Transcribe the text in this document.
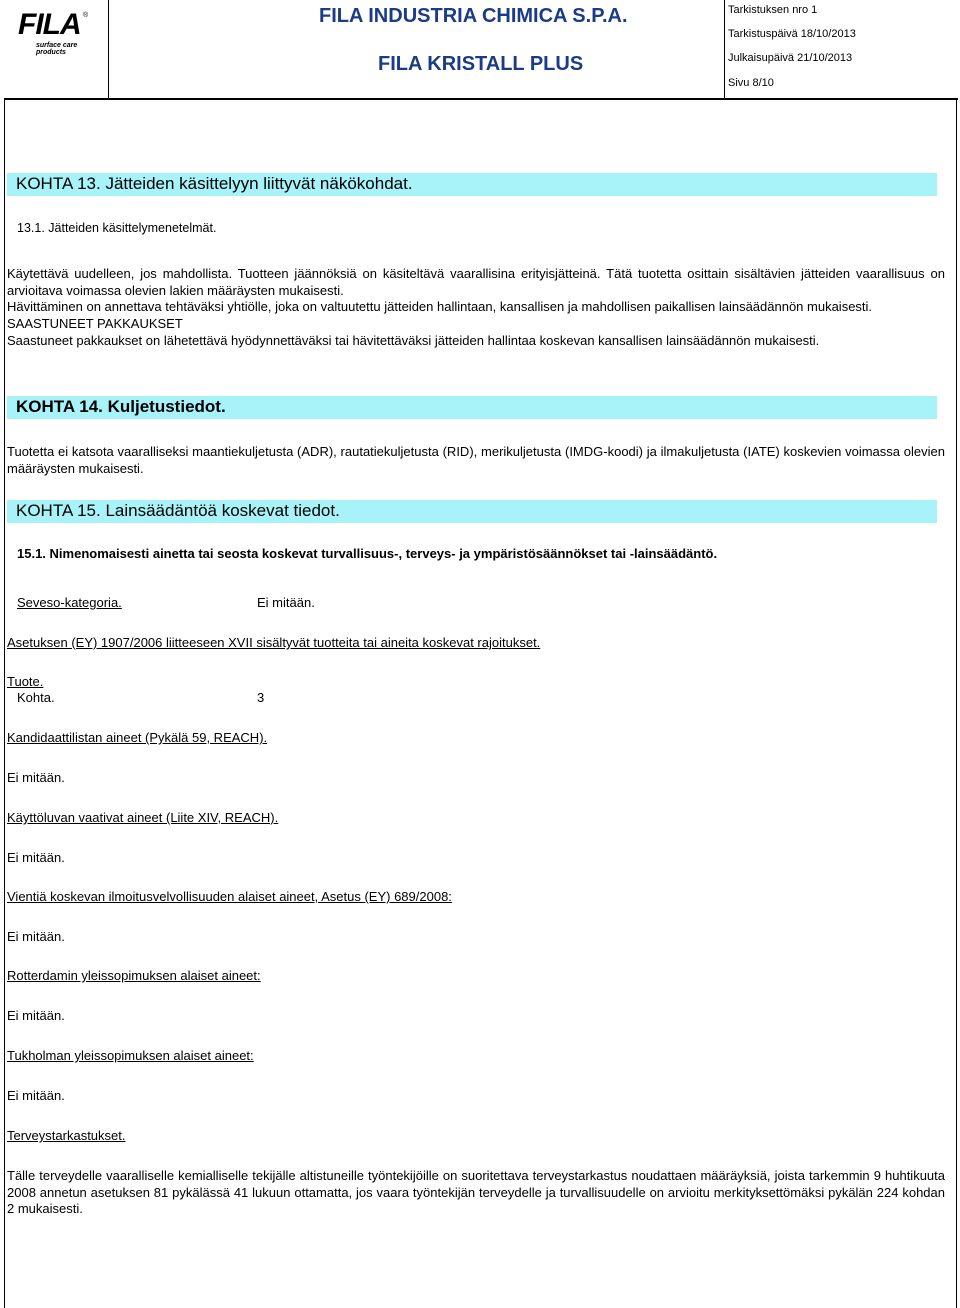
FILA ®
surface care products
FILA INDUSTRIA CHIMICA S.P.A.
FILA KRISTALL PLUS
Tarkistuksen nro 1
Tarkistuspäivä 18/10/2013
Julkaisupäivä 21/10/2013
Sivu 8/10
KOHTA 13. Jätteiden käsittelyyn liittyvät näkökohdat.
13.1. Jätteiden käsittelymenetelmät.
Käytettävä uudelleen, jos mahdollista. Tuotteen jäännöksiä on käsiteltävä vaarallisina erityisjätteinä. Tätä tuotetta osittain sisältävien jätteiden vaarallisuus on arvioitava voimassa olevien lakien määräysten mukaisesti.
Hävittäminen on annettava tehtäväksi yhtiölle, joka on valtuutettu jätteiden hallintaan, kansallisen ja mahdollisen paikallisen lainsäädännön mukaisesti.
SAASTUNEET PAKKAUKSET
Saastuneet pakkaukset on lähetettävä hyödynnettäväksi tai hävitettäväksi jätteiden hallintaa koskevan kansallisen lainsäädännön mukaisesti.
KOHTA 14. Kuljetustiedot.
Tuotetta ei katsota vaaralliseksi maantiekuljetusta (ADR), rautatiekuljetusta (RID), merikuljetusta (IMDG-koodi) ja ilmakuljetusta (IATE) koskevien voimassa olevien määräysten mukaisesti.
KOHTA 15. Lainsäädäntöä koskevat tiedot.
15.1. Nimenomaisesti ainetta tai seosta koskevat turvallisuus-, terveys- ja ympäristösäännökset tai -lainsäädäntö.
Seveso-kategoria.	Ei mitään.
Asetuksen (EY) 1907/2006 liitteeseen XVII sisältyvät tuotteita tai aineita koskevat rajoitukset.
Tuote.
Kohta.	3
Kandidaattilistan aineet (Pykälä 59, REACH).
Ei mitään.
Käyttöluvan vaativat aineet (Liite XIV, REACH).
Ei mitään.
Vientiä koskevan ilmoitusvelvollisuuden alaiset aineet, Asetus (EY) 689/2008:
Ei mitään.
Rotterdamin yleissopimuksen alaiset aineet:
Ei mitään.
Tukholman yleissopimuksen alaiset aineet:
Ei mitään.
Terveystarkastukset.
Tälle terveydelle vaaralliselle kemialliselle tekijälle altistuneille työntekijöille on suoritettava terveystarkastus noudattaen määräyksiä, joista tarkemmin 9 huhtikuuta 2008 annetun asetuksen 81 pykälässä 41 lukuun ottamatta, jos vaara työntekijän terveydelle ja turvallisuudelle on arvioitu merkityksettömäksi pykälän 224 kohdan 2 mukaisesti.
